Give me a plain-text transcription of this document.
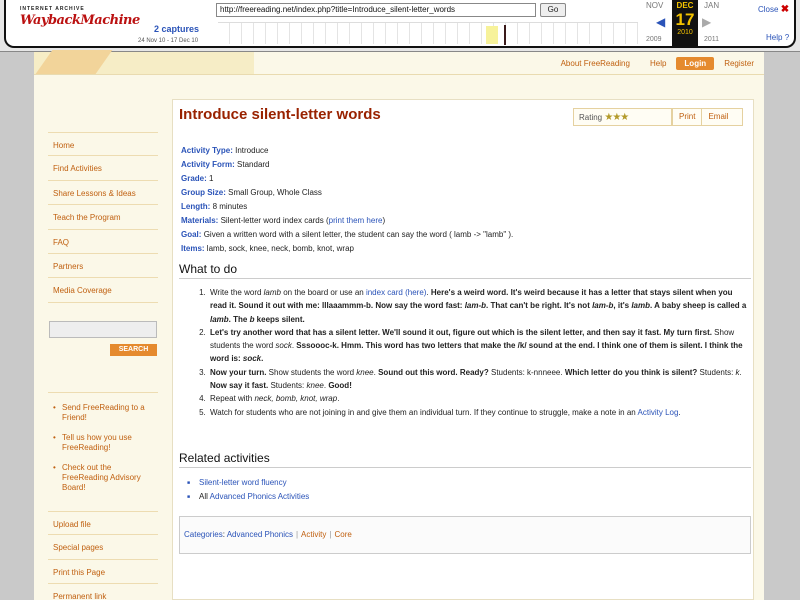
INTERNET ARCHIVE
WaybackMachine
http://freereading.net/index.php?title=Introduce_silent-letter_words	Go
2 captures
24 Nov 10 - 17 Dec 10
NOV
◀
DEC
17
2010
JAN
▶
2009	2011
Close ✖
Help ?
About FreeReading	Help	Login	Register
Home
Find Activities
Share Lessons & Ideas
Teach the Program
FAQ
Partners
Media Coverage
SEARCH
• Send FreeReading to a Friend!
• Tell us how you use FreeReading!
• Check out the FreeReading Advisory Board!
Upload file
Special pages
Print this Page
Permanent link
Introduce silent-letter words	Rating ★★★	Print	Email
Activity Type: Introduce
Activity Form: Standard
Grade: 1
Group Size: Small Group, Whole Class
Length: 8 minutes
Materials: Silent-letter word index cards (print them here)
Goal: Given a written word with a silent letter, the student can say the word ( lamb -> "lamb" ).
Items: lamb, sock, knee, neck, bomb, knot, wrap
What to do
1. Write the word lamb on the board or use an index card (here). Here's a weird word. It's weird because it has a letter that stays silent when you read it. Sound it out with me: lllaaammm-b. Now say the word fast: lam-b. That can't be right. It's not lam-b, it's lamb. A baby sheep is called a lamb. The b keeps silent.
2. Let's try another word that has a silent letter. We'll sound it out, figure out which is the silent letter, and then say it fast. My turn first. Show students the word sock. Sssoooc-k. Hmm. This word has two letters that make the /k/ sound at the end. I think one of them is silent. I think the word is: sock.
3. Now your turn. Show students the word knee. Sound out this word. Ready? Students: k-nnneee. Which letter do you think is silent? Students: k. Now say it fast. Students: knee. Good!
4. Repeat with neck, bomb, knot, wrap.
5. Watch for students who are not joining in and give them an individual turn. If they continue to struggle, make a note in an Activity Log.
Related activities
■ Silent-letter word fluency
■ All Advanced Phonics Activities
Categories: Advanced Phonics | Activity | Core
